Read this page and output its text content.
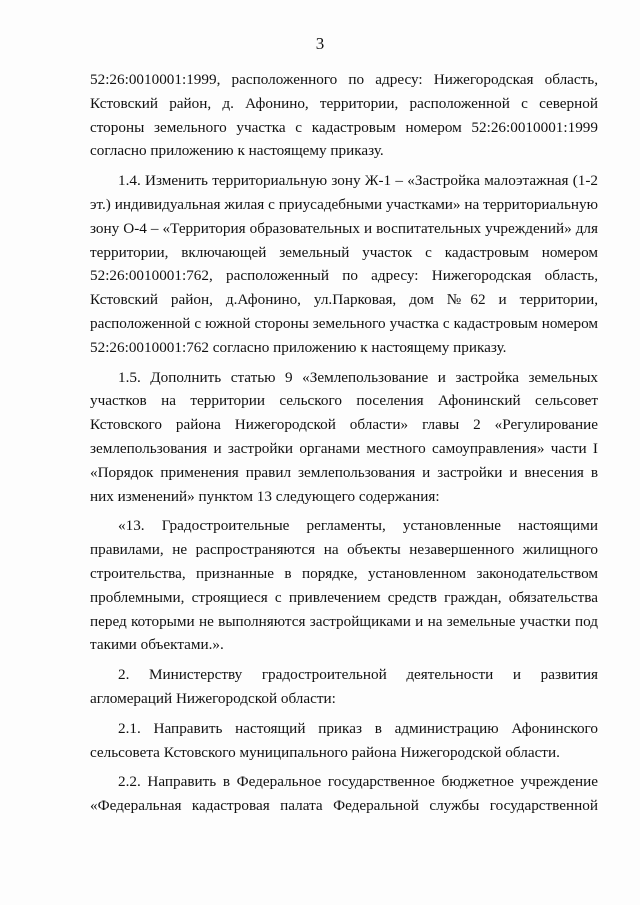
3

52:26:0010001:1999, расположенного по адресу: Нижегородская область, Кстовский район, д. Афонино, территории, расположенной с северной стороны земельного участка с кадастровым номером 52:26:0010001:1999 согласно приложению к настоящему приказу.

1.4. Изменить территориальную зону Ж-1 – «Застройка малоэтажная (1-2 эт.) индивидуальная жилая с приусадебными участками» на территориальную зону О-4 – «Территория образовательных и воспитательных учреждений» для территории, включающей земельный участок с кадастровым номером 52:26:0010001:762, расположенный по адресу: Нижегородская область, Кстовский район, д.Афонино, ул.Парковая, дом №62 и территории, расположенной с южной стороны земельного участка с кадастровым номером 52:26:0010001:762 согласно приложению к настоящему приказу.

1.5. Дополнить статью 9 «Землепользование и застройка земельных участков на территории сельского поселения Афонинский сельсовет Кстовского района Нижегородской области» главы 2 «Регулирование землепользования и застройки органами местного самоуправления» части I «Порядок применения правил землепользования и застройки и внесения в них изменений» пунктом 13 следующего содержания:

«13. Градостроительные регламенты, установленные настоящими правилами, не распространяются на объекты незавершенного жилищного строительства, признанные в порядке, установленном законодательством проблемными, строящиеся с привлечением средств граждан, обязательства перед которыми не выполняются застройщиками и на земельные участки под такими объектами.».

2. Министерству градостроительной деятельности и развития агломераций Нижегородской области:

2.1. Направить настоящий приказ в администрацию Афонинского сельсовета Кстовского муниципального района Нижегородской области.

2.2. Направить в Федеральное государственное бюджетное учреждение «Федеральная кадастровая палата Федеральной службы государственной
